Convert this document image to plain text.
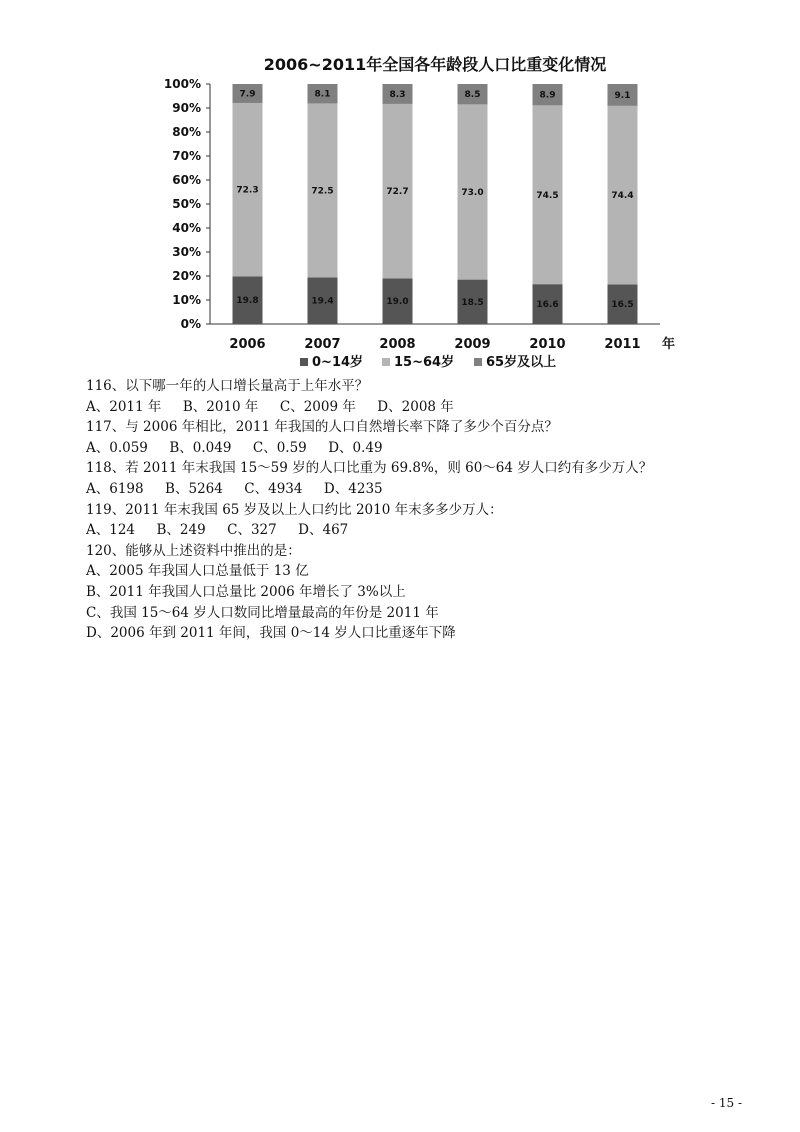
2006~2011年全国各年龄段人口比重变化情况
0%
10%
20%
30%
40%
50%
60%
70%
80%
90%
100%
2006	2007	2008	2009	2010	2011 年
19.8
72.3
7.9
19.4
72.5
8.1
19.0
72.7
8.3
18.5
73.0
8.5
16.6
74.5
8.9
16.5
74.4
9.1
0~14岁 15~64岁 65岁及以上
116、以下哪一年的人口增长量高于上年水平？
A、2011 年     B、2010 年     C、2009 年     D、2008 年
117、与 2006 年相比，2011 年我国的人口自然增长率下降了多少个百分点？
A、0.059     B、0.049     C、0.59     D、0.49
118、若 2011 年末我国 15～59 岁的人口比重为 69.8%，则 60～64 岁人口约有多少万人？
A、6198     B、5264     C、4934     D、4235
119、2011 年末我国 65 岁及以上人口约比 2010 年末多多少万人：
A、124     B、249     C、327     D、467
120、能够从上述资料中推出的是：
A、2005 年我国人口总量低于 13 亿
B、2011 年我国人口总量比 2006 年增长了 3%以上
C、我国 15～64 岁人口数同比增量最高的年份是 2011 年
D、2006 年到 2011 年间，我国 0～14 岁人口比重逐年下降
- 15 -
